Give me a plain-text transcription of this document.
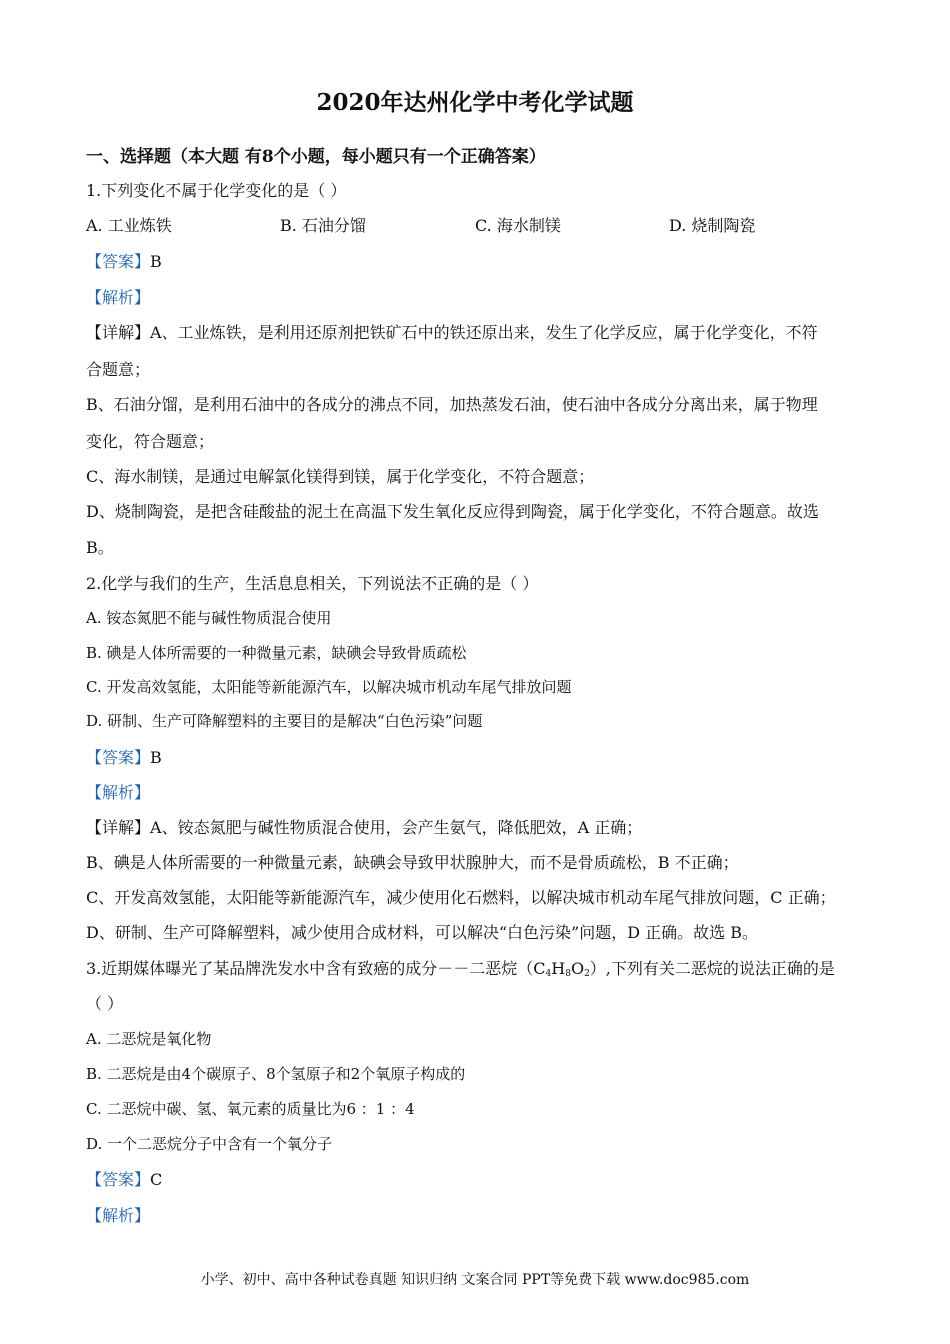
2020年达州化学中考化学试题
一、选择题（本大题 有8个小题，每小题只有一个正确答案）
1.下列变化不属于化学变化的是（ ）
A. 工业炼铁	B. 石油分馏	C. 海水制镁	D. 烧制陶瓷
【答案】B
【解析】
【详解】A、工业炼铁，是利用还原剂把铁矿石中的铁还原出来，发生了化学反应，属于化学变化，不符
合题意；
B、石油分馏，是利用石油中的各成分的沸点不同，加热蒸发石油，使石油中各成分分离出来，属于物理
变化，符合题意；
C、海水制镁，是通过电解氯化镁得到镁，属于化学变化，不符合题意；
D、烧制陶瓷，是把含硅酸盐的泥土在高温下发生氧化反应得到陶瓷，属于化学变化，不符合题意。故选
B。
2.化学与我们的生产，生活息息相关，下列说法不正确的是（ ）
A. 铵态氮肥不能与碱性物质混合使用
B. 碘是人体所需要的一种微量元素，缺碘会导致骨质疏松
C. 开发高效氢能，太阳能等新能源汽车，以解决城市机动车尾气排放问题
D. 研制、生产可降解塑料的主要目的是解决“白色污染”问题
【答案】B
【解析】
【详解】A、铵态氮肥与碱性物质混合使用，会产生氨气，降低肥效，A 正确；
B、碘是人体所需要的一种微量元素，缺碘会导致甲状腺肿大，而不是骨质疏松，B 不正确；
C、开发高效氢能，太阳能等新能源汽车，减少使用化石燃料，以解决城市机动车尾气排放问题，C 正确；
D、研制、生产可降解塑料，减少使用合成材料，可以解决“白色污染”问题，D 正确。故选 B。
3.近期媒体曝光了某品牌洗发水中含有致癌的成分－－二恶烷$(C_4H_8O_2)$,下列有关二恶烷的说法正确的是
（ ）
A. 二恶烷是氧化物
B. 二恶烷是由4个碳原子、8个氢原子和2个氧原子构成的
C. 二恶烷中碳、氢、氧元素的质量比为6 ：1 ：4
D. 一个二恶烷分子中含有一个氧分子
【答案】C
【解析】
小学、初中、高中各种试卷真题 知识归纳 文案合同 PPT等免费下载 www.doc985.com
